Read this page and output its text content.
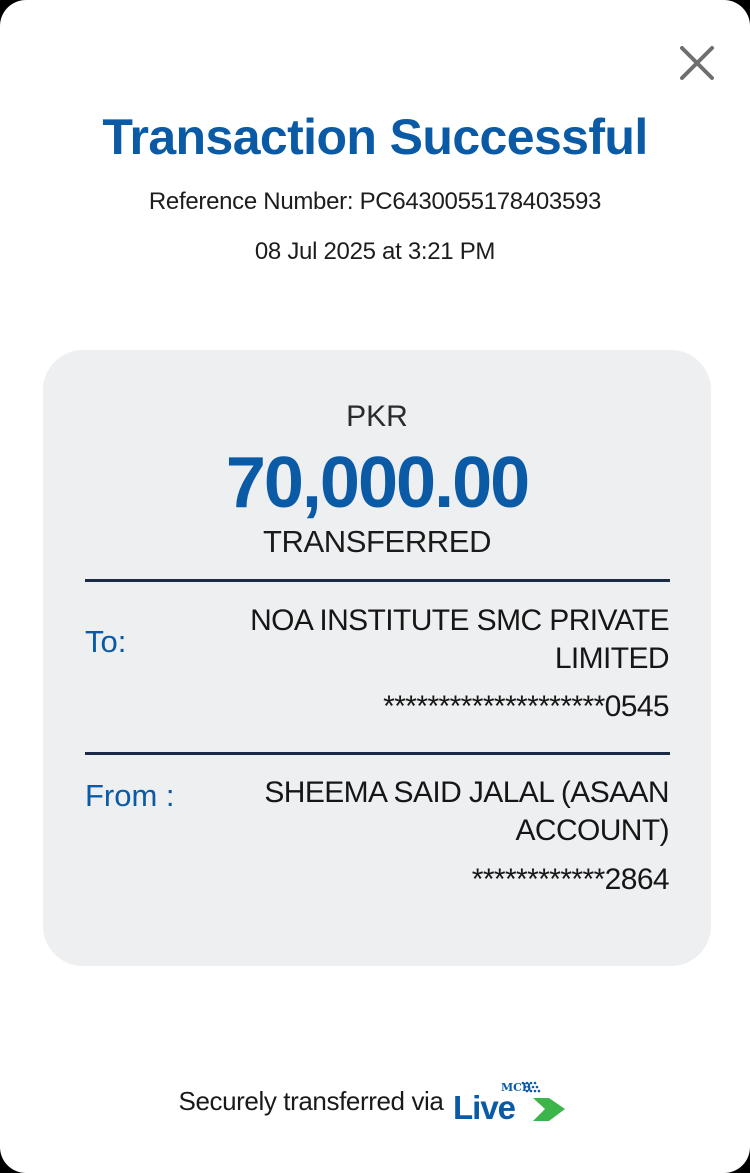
Transaction Successful
Reference Number: PC6430055178403593
08 Jul 2025 at 3:21 PM
PKR
70,000.00
TRANSFERRED
To:
NOA INSTITUTE SMC PRIVATE LIMITED
********************0545
From :	SHEEMA SAID JALAL (ASAAN ACCOUNT)
************2864
Securely transferred via	MCB
Live
